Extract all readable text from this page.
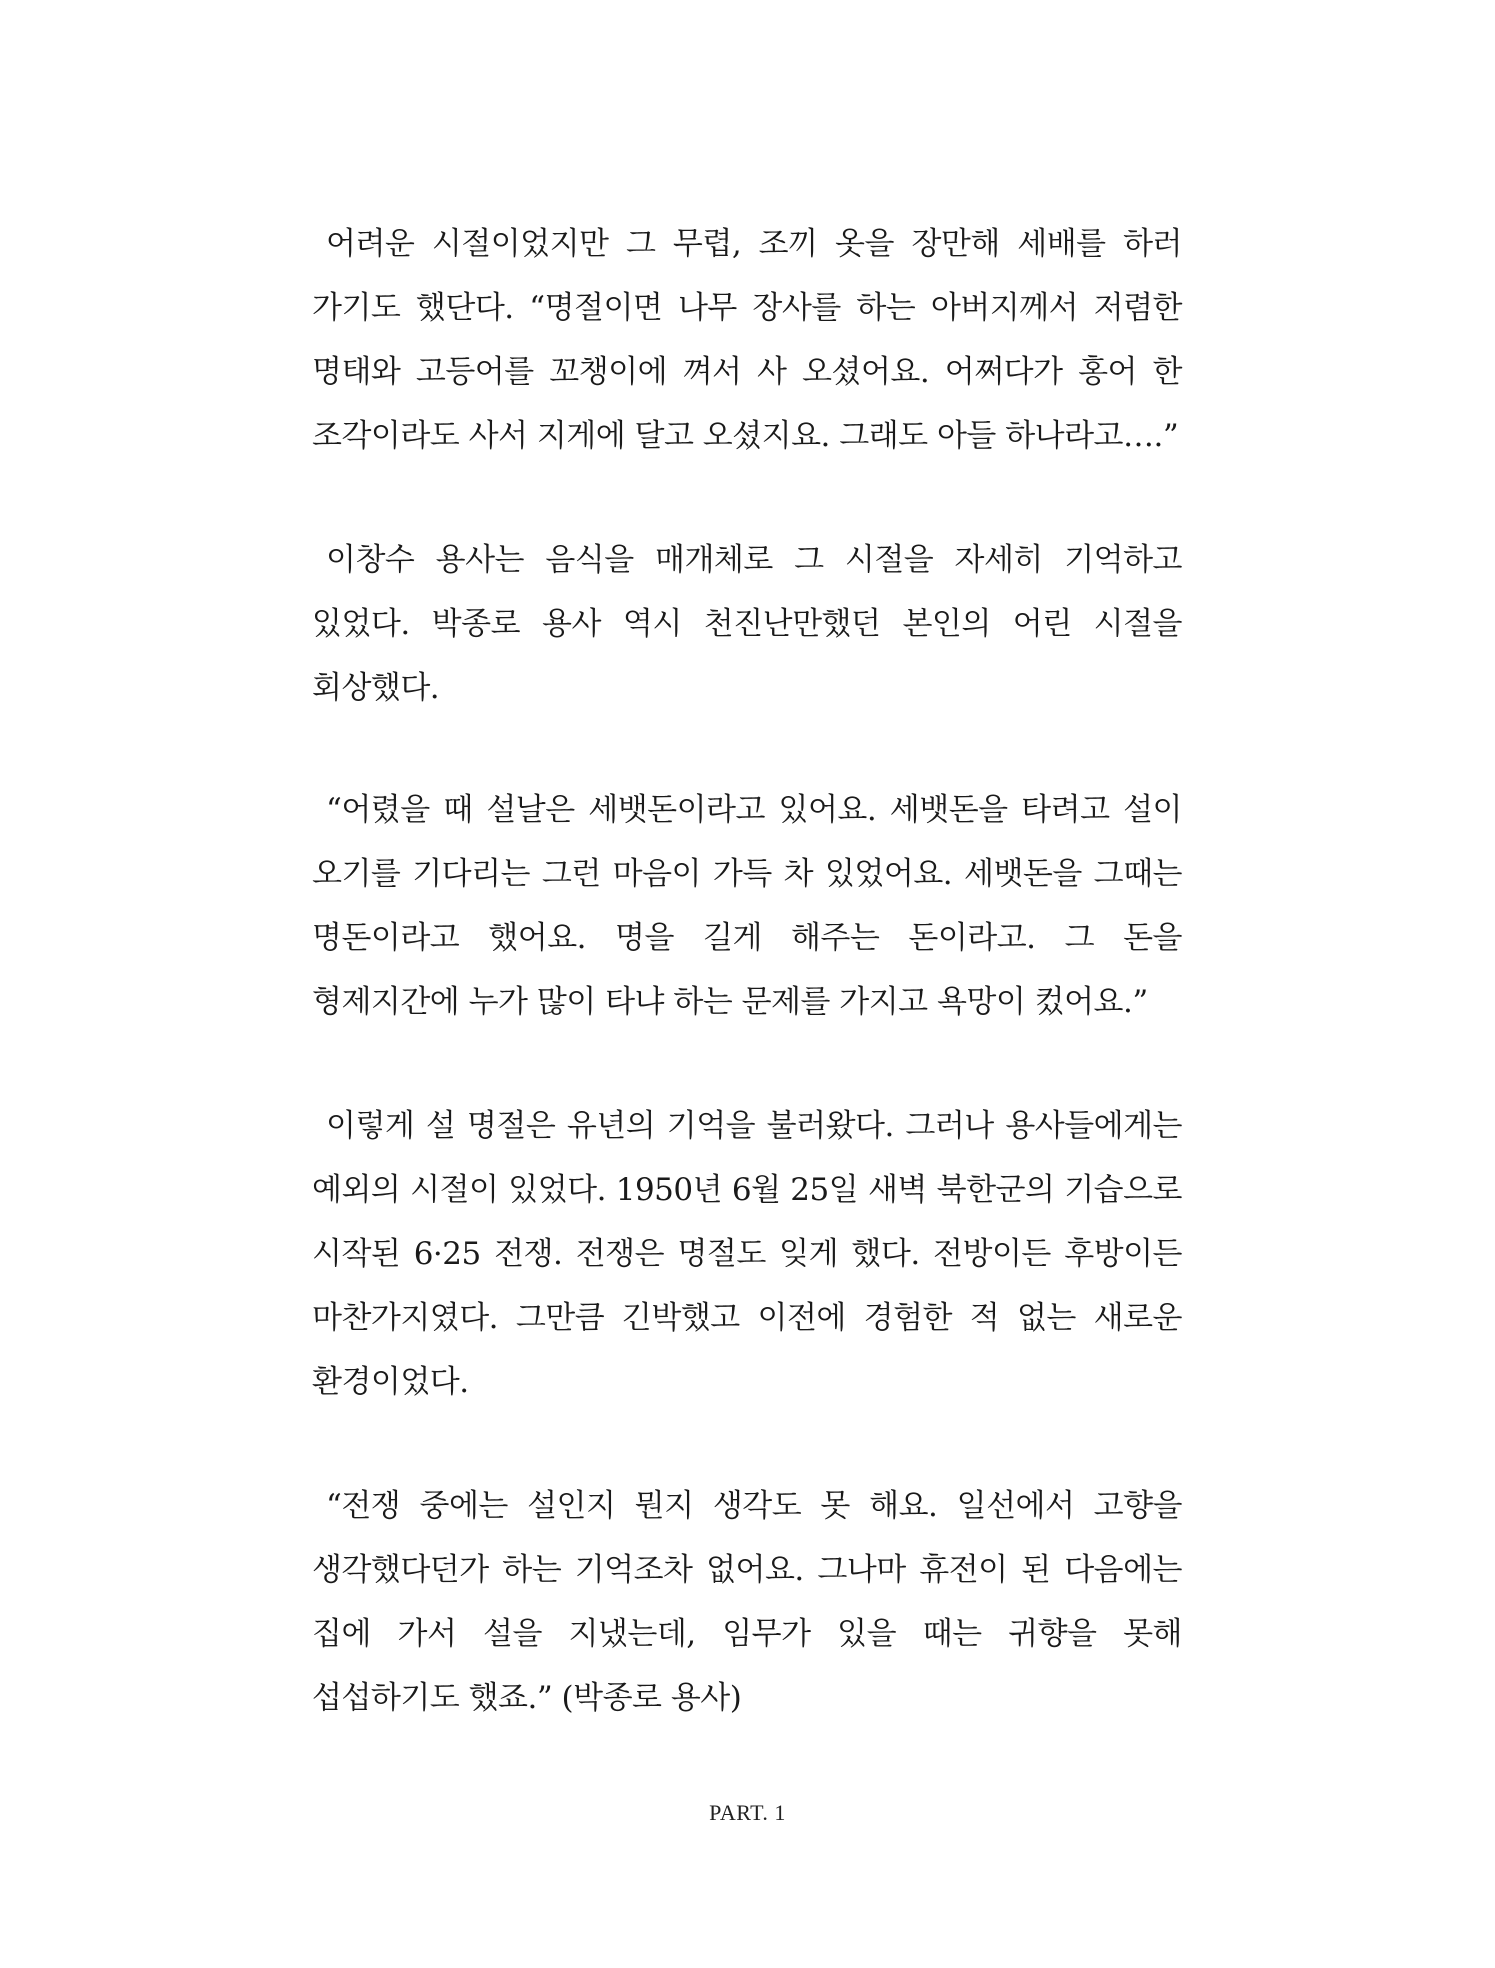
어려운 시절이었지만 그 무렵, 조끼 옷을 장만해 세배를 하러 가기도 했단다. “명절이면 나무 장사를 하는 아버지께서 저렴한 명태와 고등어를 꼬챙이에 껴서 사 오셨어요. 어쩌다가 홍어 한 조각이라도 사서 지게에 달고 오셨지요. 그래도 아들 하나라고….”

이창수 용사는 음식을 매개체로 그 시절을 자세히 기억하고 있었다. 박종로 용사 역시 천진난만했던 본인의 어린 시절을 회상했다.

“어렸을 때 설날은 세뱃돈이라고 있어요. 세뱃돈을 타려고 설이 오기를 기다리는 그런 마음이 가득 차 있었어요. 세뱃돈을 그때는 명돈이라고 했어요. 명을 길게 해주는 돈이라고. 그 돈을 형제지간에 누가 많이 타냐 하는 문제를 가지고 욕망이 컸어요.”

이렇게 설 명절은 유년의 기억을 불러왔다. 그러나 용사들에게는 예외의 시절이 있었다. 1950년 6월 25일 새벽 북한군의 기습으로 시작된 6·25 전쟁. 전쟁은 명절도 잊게 했다. 전방이든 후방이든 마찬가지였다. 그만큼 긴박했고 이전에 경험한 적 없는 새로운 환경이었다.

“전쟁 중에는 설인지 뭔지 생각도 못 해요. 일선에서 고향을 생각했다던가 하는 기억조차 없어요. 그나마 휴전이 된 다음에는 집에 가서 설을 지냈는데, 임무가 있을 때는 귀향을 못해 섭섭하기도 했죠.” (박종로 용사)

PART. 1
